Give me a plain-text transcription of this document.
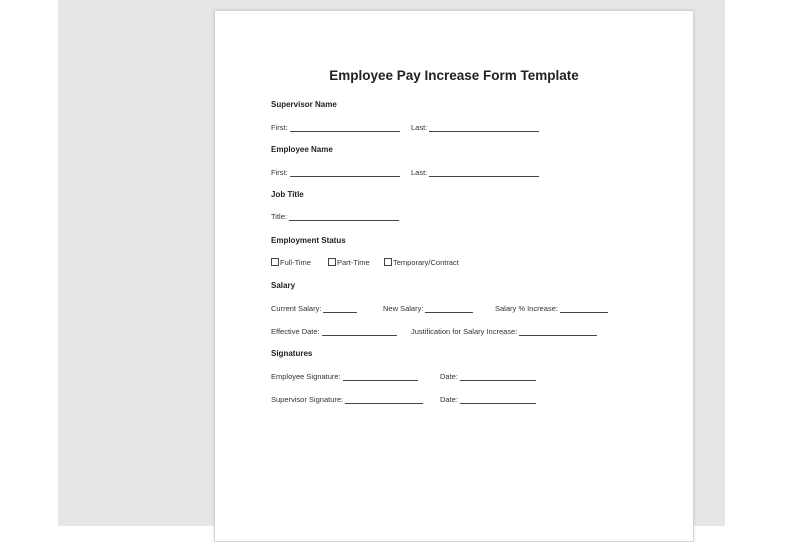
Employee Pay Increase Form Template
Supervisor Name
First:	Last:
Employee Name
First:	Last:
Job Title
Title:
Employment Status
Full-Time	Part-Time	Temporary/Contract
Salary
Current Salary:	New Salary:	Salary % Increase:
Effective Date:	Justification for Salary Increase:
Signatures
Employee Signature:	Date:
Supervisor Signature:	Date:
